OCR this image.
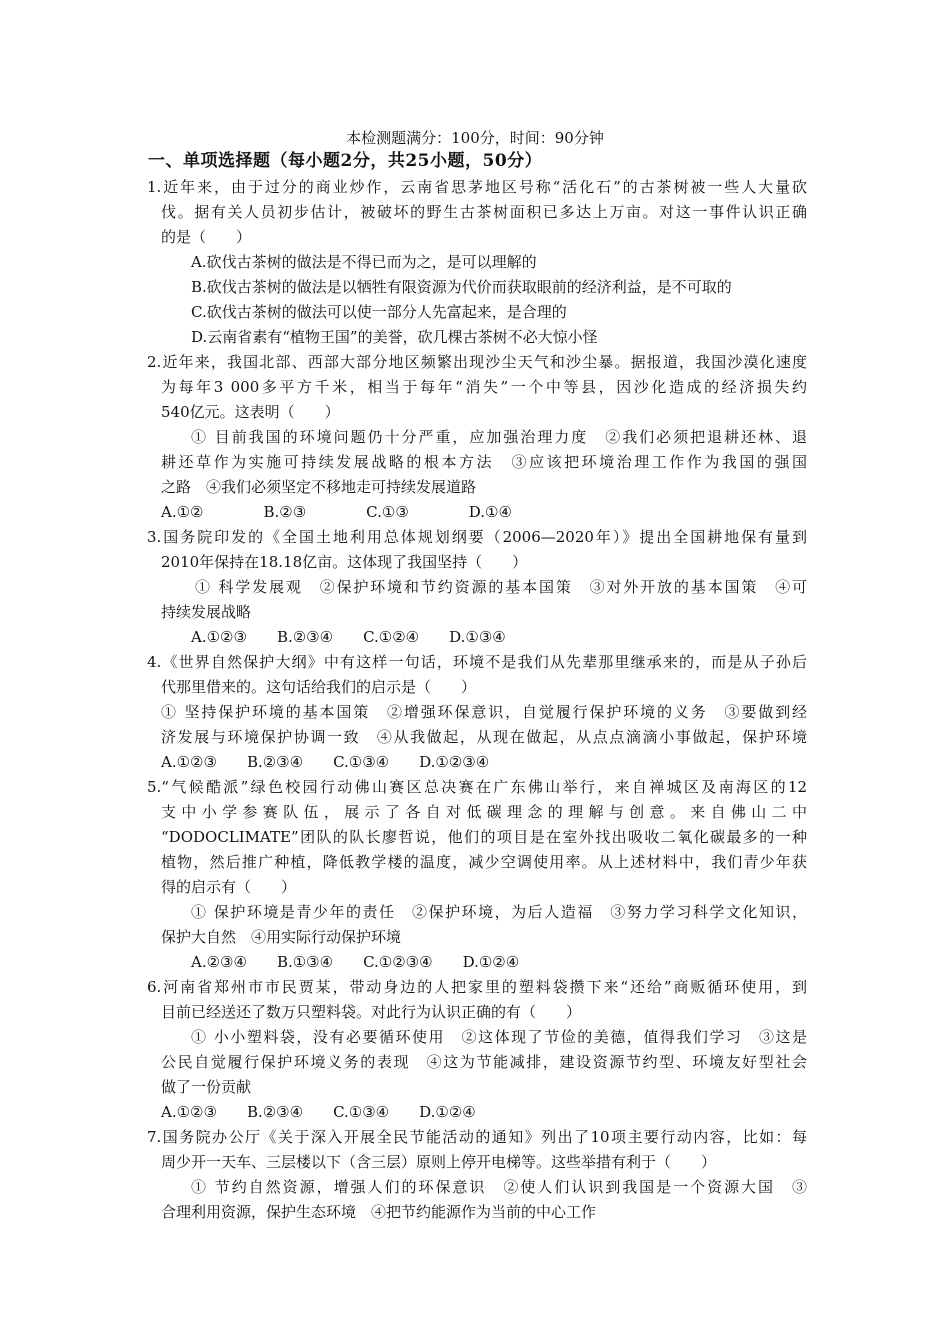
本检测题满分：100分，时间：90分钟
一、单项选择题（每小题2分，共25小题，50分）
1.近年来，由于过分的商业炒作，云南省思茅地区号称“活化石”的古茶树被一些人大量砍
伐。据有关人员初步估计，被破坏的野生古茶树面积已多达上万亩。对这一事件认识正确
的是（　　）
A.砍伐古茶树的做法是不得已而为之，是可以理解的
B.砍伐古茶树的做法是以牺牲有限资源为代价而获取眼前的经济利益，是不可取的
C.砍伐古茶树的做法可以使一部分人先富起来，是合理的
D.云南省素有“植物王国”的美誉，砍几棵古茶树不必大惊小怪
2.近年来，我国北部、西部大部分地区频繁出现沙尘天气和沙尘暴。据报道，我国沙漠化速度
为每年3 000多平方千米，相当于每年“消失”一个中等县，因沙化造成的经济损失约
540亿元。这表明（　　）
① 目前我国的环境问题仍十分严重，应加强治理力度　②我们必须把退耕还林、退
耕还草作为实施可持续发展战略的根本方法　③应该把环境治理工作作为我国的强国
之路　④我们必须坚定不移地走可持续发展道路
A.①②　　　　B.②③　　　　C.①③　　　　D.①④
3.国务院印发的《全国土地利用总体规划纲要（2006—2020年）》提出全国耕地保有量到
2010年保持在18.18亿亩。这体现了我国坚持（　　）
① 科学发展观　②保护环境和节约资源的基本国策　③对外开放的基本国策　④可
持续发展战略
A.①②③　　B.②③④　　C.①②④　　D.①③④
4.《世界自然保护大纲》中有这样一句话，环境不是我们从先辈那里继承来的，而是从子孙后
代那里借来的。这句话给我们的启示是（　　）
① 坚持保护环境的基本国策　②增强环保意识，自觉履行保护环境的义务　③要做到经
济发展与环境保护协调一致　④从我做起，从现在做起，从点点滴滴小事做起，保护环境
A.①②③　　B.②③④　　C.①③④　　D.①②③④
5.“气候酷派”绿色校园行动佛山赛区总决赛在广东佛山举行，来自禅城区及南海区的12
支中小学参赛队伍，展示了各自对低碳理念的理解与创意。来自佛山二中
“DODOCLIMATE”团队的队长廖哲说，他们的项目是在室外找出吸收二氧化碳最多的一种
植物，然后推广种植，降低教学楼的温度，减少空调使用率。从上述材料中，我们青少年获
得的启示有（　　）
① 保护环境是青少年的责任　②保护环境，为后人造福　③努力学习科学文化知识，
保护大自然　④用实际行动保护环境
A.②③④　　B.①③④　　C.①②③④　　D.①②④
6.河南省郑州市市民贾某，带动身边的人把家里的塑料袋攒下来“还给”商贩循环使用，到
目前已经送还了数万只塑料袋。对此行为认识正确的有（　　）
① 小小塑料袋，没有必要循环使用　②这体现了节俭的美德，值得我们学习　③这是
公民自觉履行保护环境义务的表现　④这为节能减排，建设资源节约型、环境友好型社会
做了一份贡献
A.①②③　　B.②③④　　C.①③④　　D.①②④
7.国务院办公厅《关于深入开展全民节能活动的通知》列出了10项主要行动内容，比如：每
周少开一天车、三层楼以下（含三层）原则上停开电梯等。这些举措有利于（　　）
① 节约自然资源，增强人们的环保意识　②使人们认识到我国是一个资源大国　③
合理利用资源，保护生态环境　④把节约能源作为当前的中心工作
